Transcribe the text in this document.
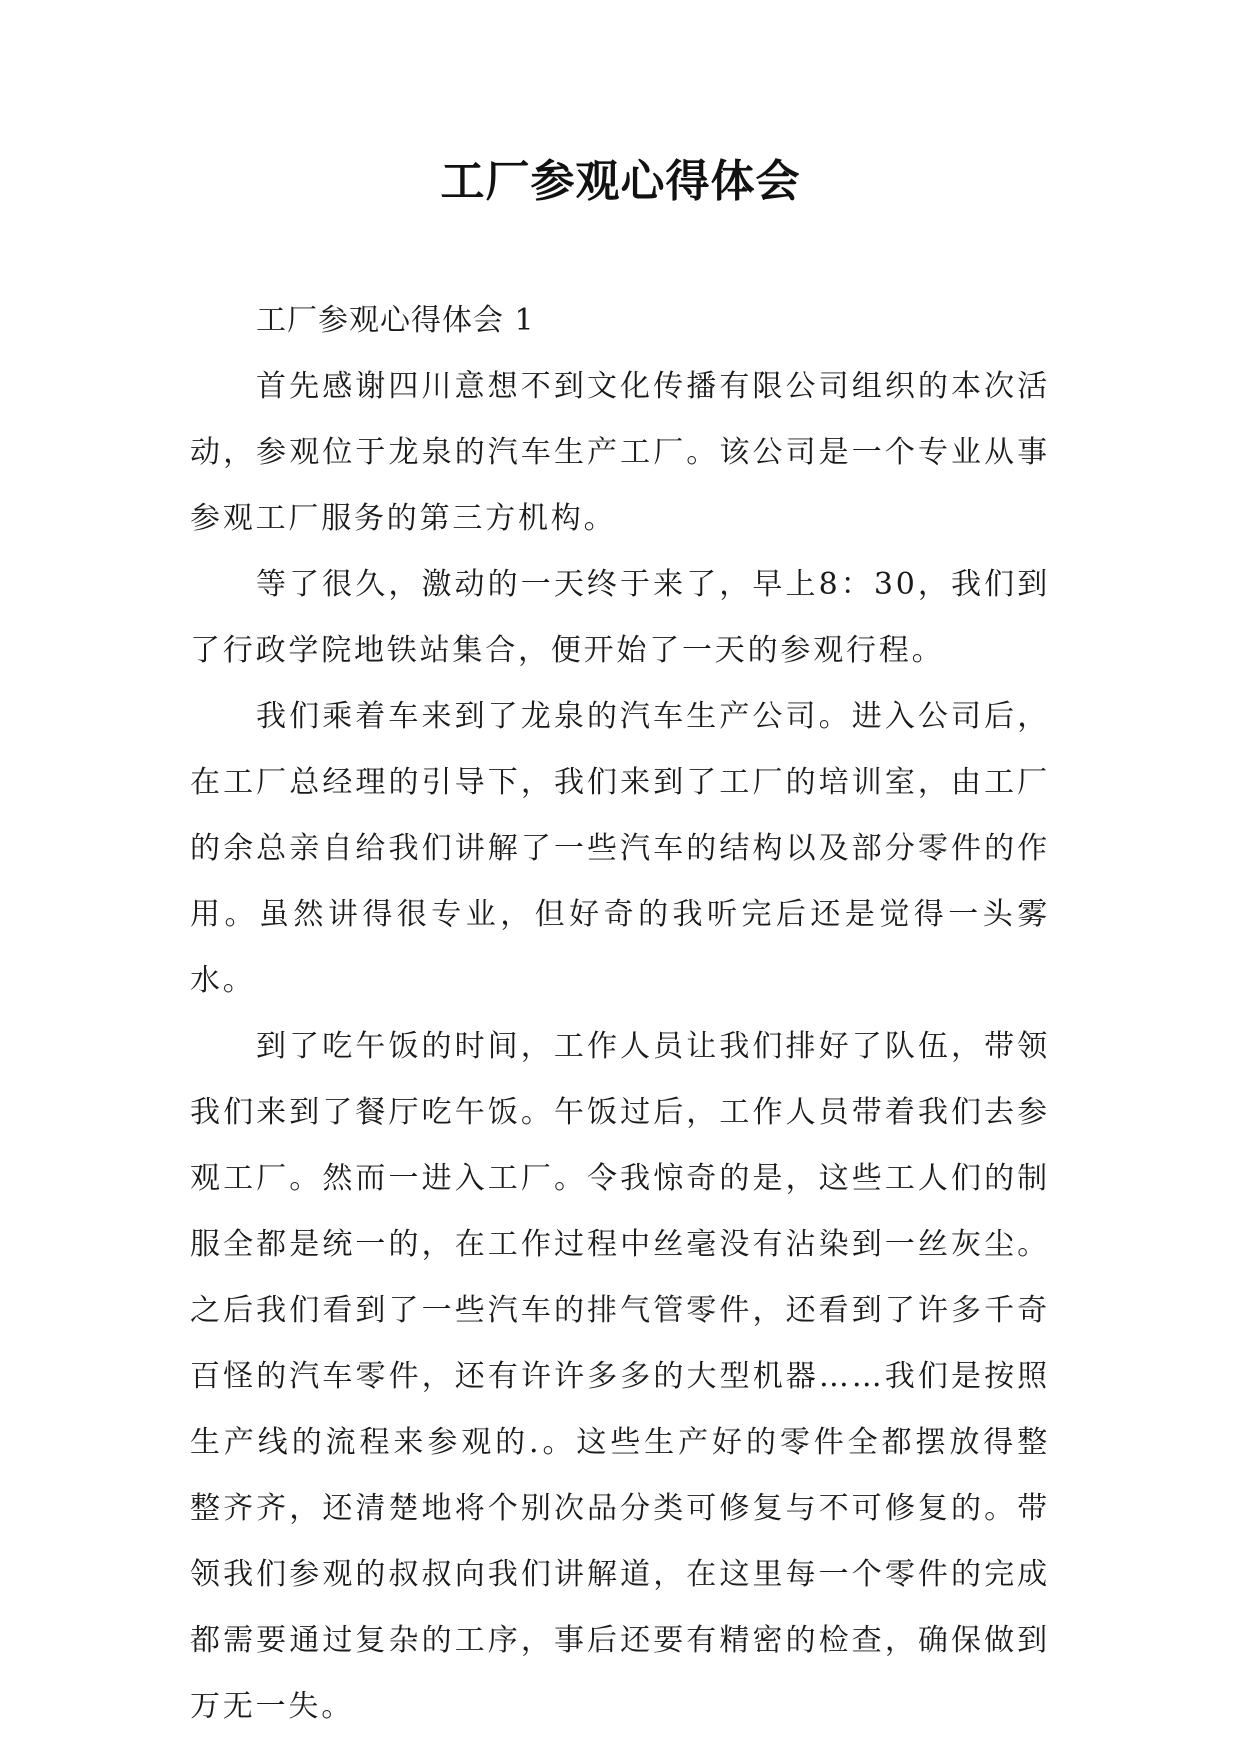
工厂参观心得体会

工厂参观心得体会 1

首先感谢四川意想不到文化传播有限公司组织的本次活动，参观位于龙泉的汽车生产工厂。该公司是一个专业从事参观工厂服务的第三方机构。

等了很久，激动的一天终于来了，早上8：30，我们到了行政学院地铁站集合，便开始了一天的参观行程。

我们乘着车来到了龙泉的汽车生产公司。进入公司后，在工厂总经理的引导下，我们来到了工厂的培训室，由工厂的余总亲自给我们讲解了一些汽车的结构以及部分零件的作用。虽然讲得很专业，但好奇的我听完后还是觉得一头雾水。

到了吃午饭的时间，工作人员让我们排好了队伍，带领我们来到了餐厅吃午饭。午饭过后，工作人员带着我们去参观工厂。然而一进入工厂。令我惊奇的是，这些工人们的制服全都是统一的，在工作过程中丝毫没有沾染到一丝灰尘。之后我们看到了一些汽车的排气管零件，还看到了许多千奇百怪的汽车零件，还有许许多多的大型机器……我们是按照生产线的流程来参观的.。这些生产好的零件全都摆放得整整齐齐，还清楚地将个别次品分类可修复与不可修复的。带领我们参观的叔叔向我们讲解道，在这里每一个零件的完成都需要通过复杂的工序，事后还要有精密的检查，确保做到万无一失。
